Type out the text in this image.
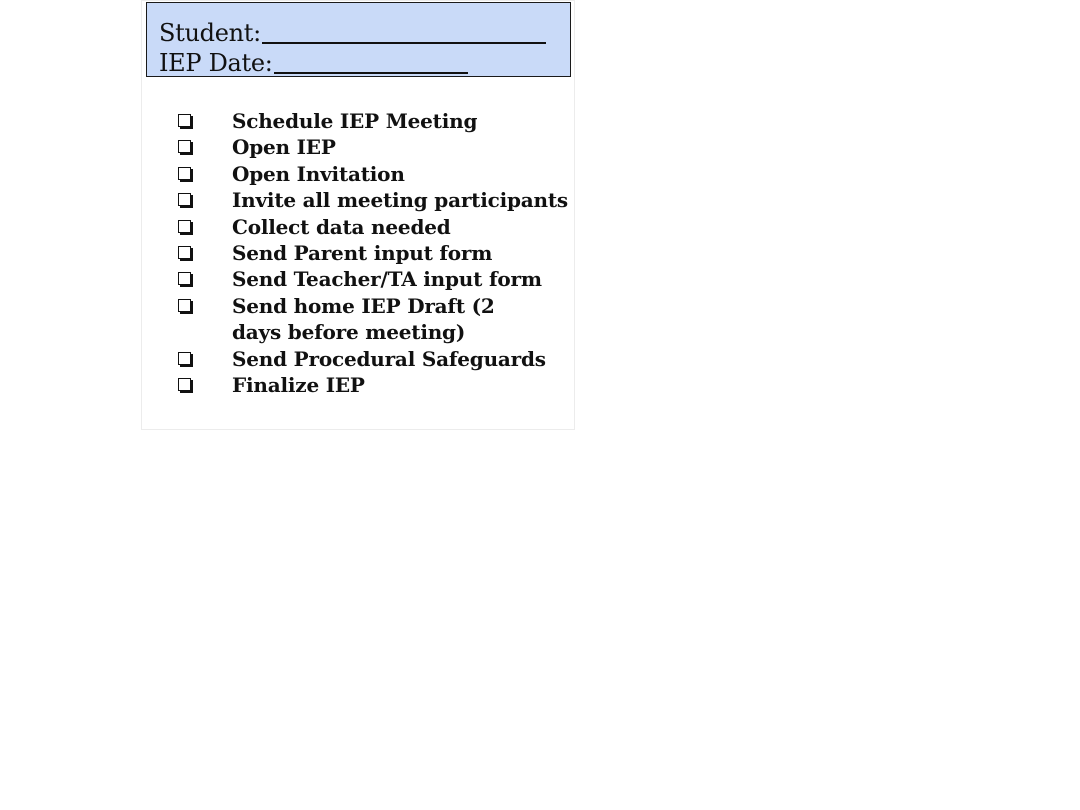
Student:
IEP Date:
Schedule IEP Meeting
Open IEP
Open Invitation
Invite all meeting participants
Collect data needed
Send Parent input form
Send Teacher/TA input form
Send home IEP Draft (2 days before meeting)
Send Procedural Safeguards
Finalize IEP
